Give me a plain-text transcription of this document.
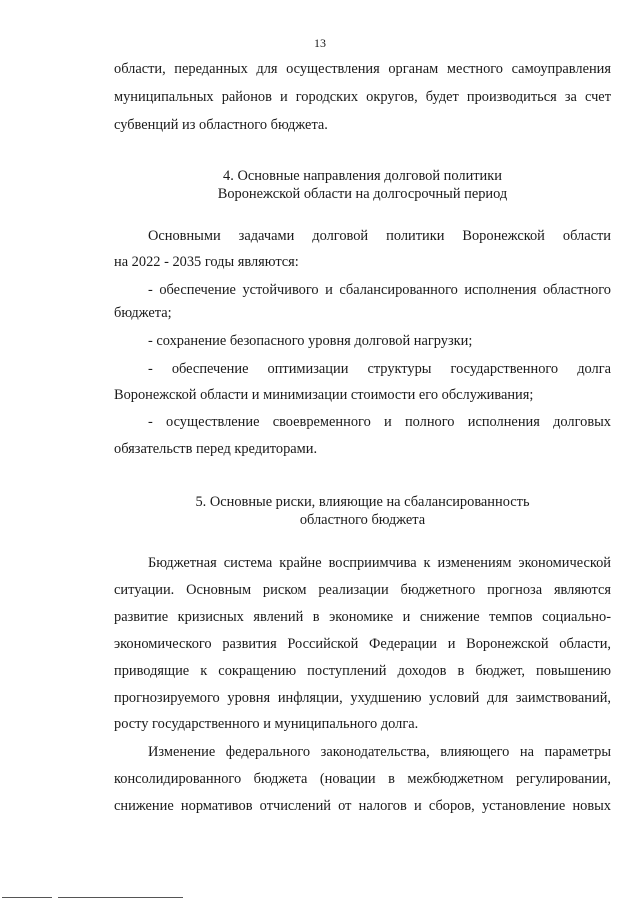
13
области, переданных для осуществления органам местного самоуправления
муниципальных районов и городских округов, будет производиться за счет
субвенций из областного бюджета.
4. Основные направления долговой политики
Воронежской области на долгосрочный период
Основными задачами долговой политики Воронежской области
на 2022 - 2035 годы являются:
- обеспечение устойчивого и сбалансированного исполнения областного
бюджета;
- сохранение безопасного уровня долговой нагрузки;
- обеспечение оптимизации структуры государственного долга
Воронежской области и минимизации стоимости его обслуживания;
- осуществление своевременного и полного исполнения долговых
обязательств перед кредиторами.
5. Основные риски, влияющие на сбалансированность
областного бюджета
Бюджетная система крайне восприимчива к изменениям экономической
ситуации. Основным риском реализации бюджетного прогноза являются
развитие кризисных явлений в экономике и снижение темпов социально-
экономического развития Российской Федерации и Воронежской области,
приводящие к сокращению поступлений доходов в бюджет, повышению
прогнозируемого уровня инфляции, ухудшению условий для заимствований,
росту государственного и муниципального долга.
Изменение федерального законодательства, влияющего на параметры
консолидированного бюджета (новации в межбюджетном регулировании,
снижение нормативов отчислений от налогов и сборов, установление новых
